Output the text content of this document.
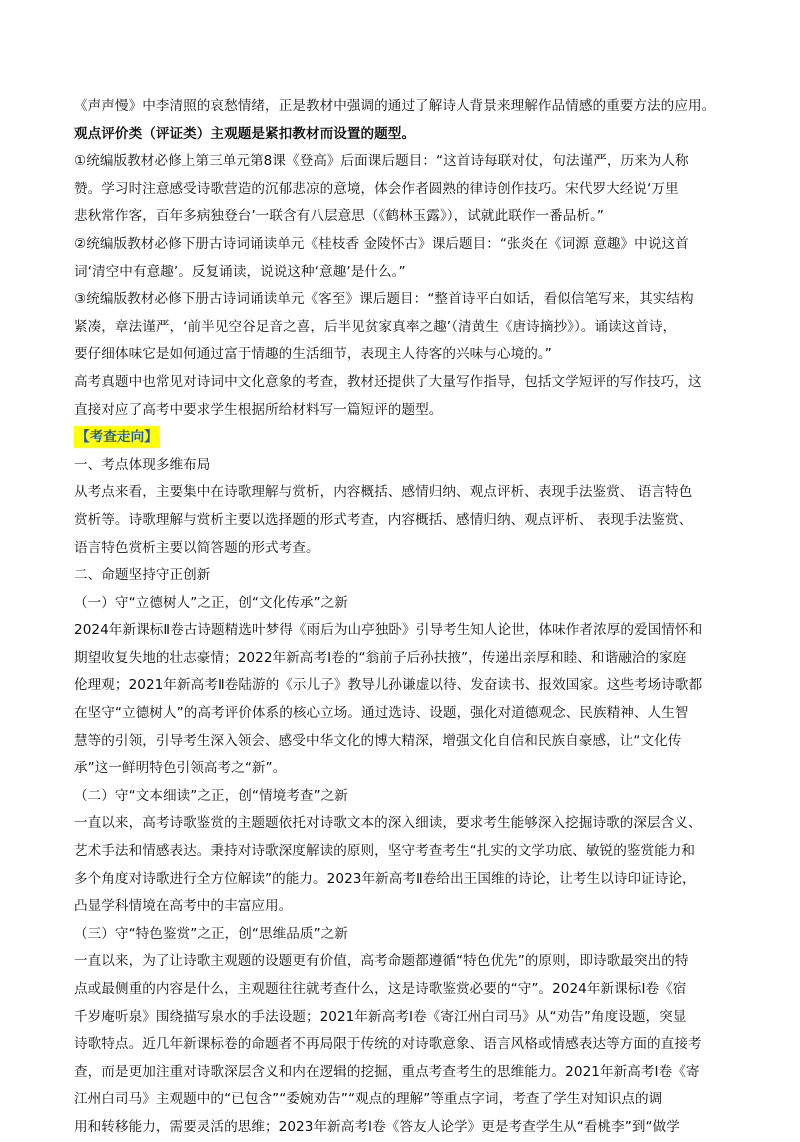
《声声慢》中李清照的哀愁情绪，正是教材中强调的通过了解诗人背景来理解作品情感的重要方法的应用。
观点评价类（评证类）主观题是紧扣教材而设置的题型。
①统编版教材必修上第三单元第8课《登高》后面课后题目：“这首诗每联对仗，句法谨严，历来为人称
赞。学习时注意感受诗歌营造的沉郁悲凉的意境，体会作者圆熟的律诗创作技巧。宋代罗大经说‘万里
悲秋常作客，百年多病独登台’一联含有八层意思（《鹤林玉露》），试就此联作一番品析。”
②统编版教材必修下册古诗词诵读单元《桂枝香 金陵怀古》课后题目：“张炎在《词源 意趣》中说这首
词‘清空中有意趣’。反复诵读，说说这种‘意趣’是什么。”
③统编版教材必修下册古诗词诵读单元《客至》课后题目：“整首诗平白如话，看似信笔写来，其实结构
紧凑，章法谨严，‘前半见空谷足音之喜，后半见贫家真率之趣’（清黄生《唐诗摘抄》）。诵读这首诗，
要仔细体味它是如何通过富于情趣的生活细节，表现主人待客的兴味与心境的。”
高考真题中也常见对诗词中文化意象的考查，教材还提供了大量写作指导，包括文学短评的写作技巧，这
直接对应了高考中要求学生根据所给材料写一篇短评的题型。
【考查走向】
一、考点体现多维布局
从考点来看，主要集中在诗歌理解与赏析，内容概括、感情归纳、观点评析、表现手法鉴赏、 语言特色
赏析等。诗歌理解与赏析主要以选择题的形式考查，内容概括、感情归纳、观点评析、 表现手法鉴赏、
语言特色赏析主要以简答题的形式考查。
二、命题坚持守正创新
（一）守“立德树人”之正，创“文化传承”之新
2024年新课标Ⅱ卷古诗题精选叶梦得《雨后为山亭独卧》引导考生知人论世，体味作者浓厚的爱国情怀和
期望收复失地的壮志豪情；2022年新高考Ⅰ卷的“翁前子后孙扶掖”，传递出亲厚和睦、和谐融洽的家庭
伦理观；2021年新高考Ⅱ卷陆游的《示儿子》教导儿孙谦虚以待、发奋读书、报效国家。这些考场诗歌都
在坚守“立德树人”的高考评价体系的核心立场。通过选诗、设题，强化对道德观念、民族精神、人生智
慧等的引领，引导考生深入领会、感受中华文化的博大精深，增强文化自信和民族自豪感，让“文化传
承”这一鲜明特色引领高考之“新”。
（二）守“文本细读”之正，创“情境考查”之新
一直以来，高考诗歌鉴赏的主题题依托对诗歌文本的深入细读，要求考生能够深入挖掘诗歌的深层含义、
艺术手法和情感表达。秉持对诗歌深度解读的原则，坚守考查考生“扎实的文学功底、敏锐的鉴赏能力和
多个角度对诗歌进行全方位解读”的能力。2023年新高考Ⅱ卷给出王国维的诗论，让考生以诗印证诗论，
凸显学科情境在高考中的丰富应用。
（三）守“特色鉴赏”之正，创“思维品质”之新
一直以来，为了让诗歌主观题的设题更有价值，高考命题都遵循“特色优先”的原则，即诗歌最突出的特
点或最侧重的内容是什么，主观题往往就考查什么，这是诗歌鉴赏必要的“守”。2024年新课标Ⅰ卷《宿
千岁庵听泉》围绕描写泉水的手法设题；2021年新高考Ⅰ卷《寄江州白司马》从“劝告”角度设题，突显
诗歌特点。近几年新课标卷的命题者不再局限于传统的对诗歌意象、语言风格或情感表达等方面的直接考
查，而是更加注重对诗歌深层含义和内在逻辑的挖掘，重点考查考生的思维能力。2021年新高考Ⅰ卷《寄
江州白司马》主观题中的“已包含”“委婉劝告”“观点的理解”等重点字词，考查了学生对知识点的调
用和转移能力，需要灵活的思维；2023年新高考Ⅰ卷《答友人论学》更是考查学生从“看桃李”到“做学
